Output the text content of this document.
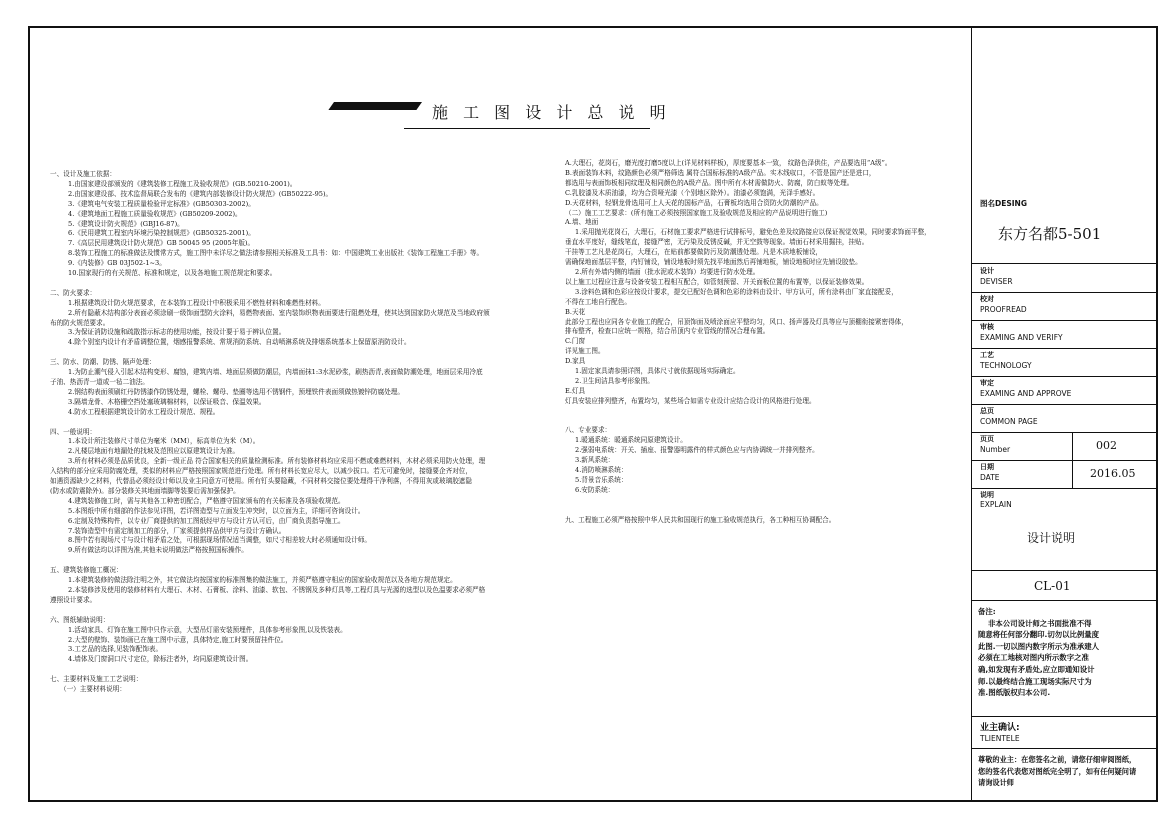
施 工 图 设 计 总 说 明

一、设计及施工依据：

1.由国家建设部颁发的《建筑装修工程施工及验收规范》(GB.50210-2001)。

2.由国家建设部、技术监督局联合发布的《建筑内部装修设计防火规范》(GB50222-95)。

3.《建筑电气安装工程质量检验评定标准》(GB50303-2002)。

4.《建筑地面工程施工质量验收规范》(GB50209-2002)。

5.《建筑设计防火规范》(GBJ16-87)。

6.《民用建筑工程室内环境污染控制规范》(GB50325-2001)。

7.《高层民用建筑设计防火规范》GB 50045 95 (2005年版)。

8.装饰工程施工的标准做法及惯常方式，施工图中未详尽之做法请参照相关标准及工具书：如：中国建筑工业出版社《装饰工程施工手册》等。

9.《内装修》GB 03J502-1~3。

10.国家现行的有关规范、标准和规定，以及各地施工规范规定和要求。

二、防火要求：

1.根据建筑设计防火规范要求，在本装饰工程设计中积极采用不燃性材料和难燃性材料。

2.所有隐蔽木结构部分表面必须涂刷一级饰面型防火涂料，易燃物表面、室内装饰织物表面要进行阻燃处理，使其达到国家防火规范及当地政府颁

布的防火规范要求。

3.为保证消防设施和疏散指示标志的使用功能，按设计要于易于辨认位置。

4.除个别室内设计有矛盾调整位置，烟感报警系统、常规消防系统、自动喷淋系统及排烟系统基本上保留原消防设计。

三、防水、防潮、防锈、隔声处理：

1.为防止潮气侵入引起木结构变形、腐蚀，建筑内墙、地面层须做防潮层，内墙面抹1:3水泥砂浆，刷热沥青,表面做防潮处理，地面层采用冷底

子油、热沥青一道或一毡二油法。

2.钢结构表面须刷红丹防锈漆作防锈处理，螺栓、螺母、垫圈等选用不锈钢件，预埋铁件表面须做热镀锌防腐处理。

3.隔墙龙骨、木格栅空挡处塞玻璃棉材料，以保证吸音、保温效果。

4.防水工程根据建筑设计防水工程设计规范、规程。

四、一般说明：

1.本设计所注装修尺寸单位为毫米（MM），标高单位为米（M）。

2.凡楼层地面有地漏处的找坡及范围应以原建筑设计为准。

3.所有材料必须是品质优良，全新一级正品 符合国家相关的质量检测标准。所有装修材料均应采用不燃或难燃材料，木材必须采用防火处理，理

入结构的部分应采用防腐处理，类似的材料应严格按照国家规范进行处理。所有材料长宽应尽大，以减少拔口。若无可避免时，接缝要企齐对位，

如遇资源缺少之材料，代替品必须经设计师以及业主同意方可使用。所有钉头要隐藏，不同材料交接位要处理得干净利落，不得用灰或玻璃胶遮隐

(防水或防震除外)。部分装修关其地面墙脚等装要后需加强保护。

4.建筑装修施工时，需与其他各工种密切配合，严格遵守国家颁布的有关标准及各项验收规范。

5.本图纸中所有细部的作法参见详图，若详图造型与立面发生冲突时，以立面为主，详细可咨询设计。

6.定制及特殊构件，以专业厂商提供的加工图纸经甲方与设计方认可后，由厂商负责指导施工。

7.装饰造型中有需定制加工的部分，厂家须提供样品供甲方与设计方确认。

8.图中若有现场尺寸与设计相矛盾之处，可根据现场情况适当调整，如尺寸相差较大时必须通知设计师。

9.所有做法均以详图为准,其他未说明做法严格按照国标操作。

五、建筑装修施工概况：

1.本建筑装修的做法除注明之外，其它做法均按国家的标准图集的做法施工，并须严格遵守相应的国家验收规范以及各地方规范规定。

2.本装修涉及使用的装修材料有大理石、木材、石膏板、涂料、油漆、软包、不锈钢及多种灯具等,工程灯具与光源的选型以及色温要求必须严格

遵照设计要求。

六、图纸辅助说明：

1.活动家具、灯饰在施工图中只作示意，大型吊灯需安装预埋件，具体参考形象图,以及铁装表。

2.大型的壁饰、装饰画已在施工图中示意，具体特定,施工时要预留挂件位。

3.工艺品的选择,见装饰配饰表。

4.墙体及门窗洞口尺寸定位，除标注者外，均同原建筑设计图。

七、主要材料及施工工艺说明：

（一）主要材料说明：

A.大理石，花岗石，磨光度打磨5度以上(详见材料样板)，厚度要基本一致， 纹路色泽供住，产品要选用“A级”。

B.表面装饰木料，纹路颜色必须严格筛选 属符合国标标准的A级产品。实木线収口，不管是国产还是进口，

都选用与表面饰板相同纹理及相同颜色的A级产品。图中所有木材需做防火、防腐，防白蚁等处理。

C.乳胶漆及木质油漆，均为合资哑光漆（个别地区除外）。油漆必须饱满，光泽手感好。

D.天花材料，轻钢龙骨选用可上人天花的国标产品，石膏板均选用合资防火防潮的产品。

（二）施工工艺要求：(所有施工必须按照国家施工及验收规范及相应的产品说明进行施工)

A.墙、地面

1.采用抛光花岗石，大理石，石材施工要求严格进行试排标号，避免色差及纹路接应以保证视觉效果，同时要求饰面平整，

垂直水平度好，缝线笔直，接缝严密，无污染及反锈反碱，并无空鼓等现象。墙面石材采用掘挂，挂贴。

干挂等工艺凡是花岗石，大理石，在贴前都要做防污及防潮透处理。凡是木质地板铺设，

需确保地面基层平整，内钉铺设，铺设地板时须先找平地面然后再铺地板，铺设地板时应先铺设胶垫。

2.所有外墙内侧的墙面（批水泥或木装饰）均要进行防水处理。

以上施工过程应注意与设备安装工程相互配合，如管刻预留、开关面板位置的布置等，以保证装修效果。

3.涂料色调和色彩应按设计要求，提交已配好色调和色彩的涂料由设计、甲方认可，所有涂料由厂家直接配妥，

不得在工地自行配色。

B.天花

此部分工程也应同各专业施工的配合，吊顶饰面及喷涂面应平整均匀，风口、扬声器及灯具等应与顶棚衔接紧密得体，

排布整齐，检查口应统一规格，结合吊顶内专业管线的情况合理布置。

C.门窗

详见施工图。

D.家具

1.固定家具请参照详图，具体尺寸就依据现场实际确定。

2.卫生间洁具参考形象图。

E.灯具

灯具安装应排列整齐，布置均匀，某些场合如需专业设计应结合设计的风格进行处理。

八、专业要求：

1.暖通系统：暖通系统同原建筑设计。

2.强弱电系统：开关、插座、报警器明露件的样式颜色应与内协调统一并排列整齐。

3.新风系统：

4.消防喷淋系统：

5.背景音乐系统：

6.安防系统：

九、工程施工必须严格按照中华人民共和国现行的施工验收规范执行，各工种相互协调配合。

图名DESING
东方名都5-501
设计
DEVISER
校对
PROOFREAD
审核
EXAMING AND VERIFY
工艺
TECHNOLOGY
审定
EXAMING AND APPROVE
总页
COMMON PAGE
页页
Number	002
日期
DATE	2016.05
说明
EXPLAIN
设计说明
CL-01
备注:
非本公司设计师之书面批准不得
随意将任何部分翻印.切勿以比例量度
此图.一切以图内数字所示为准承建人
必须在工地核对图内所示数字之准
确,如发现有矛盾处,应立即通知设计
师.以最终结合施工现场实际尺寸为
准.图纸版权归本公司.
业主确认:
TLIENTELE
尊敬的业主：在您签名之前，请您仔细审阅图纸，
您的签名代表您对图纸完全明了，如有任何疑问请
请询设计师
